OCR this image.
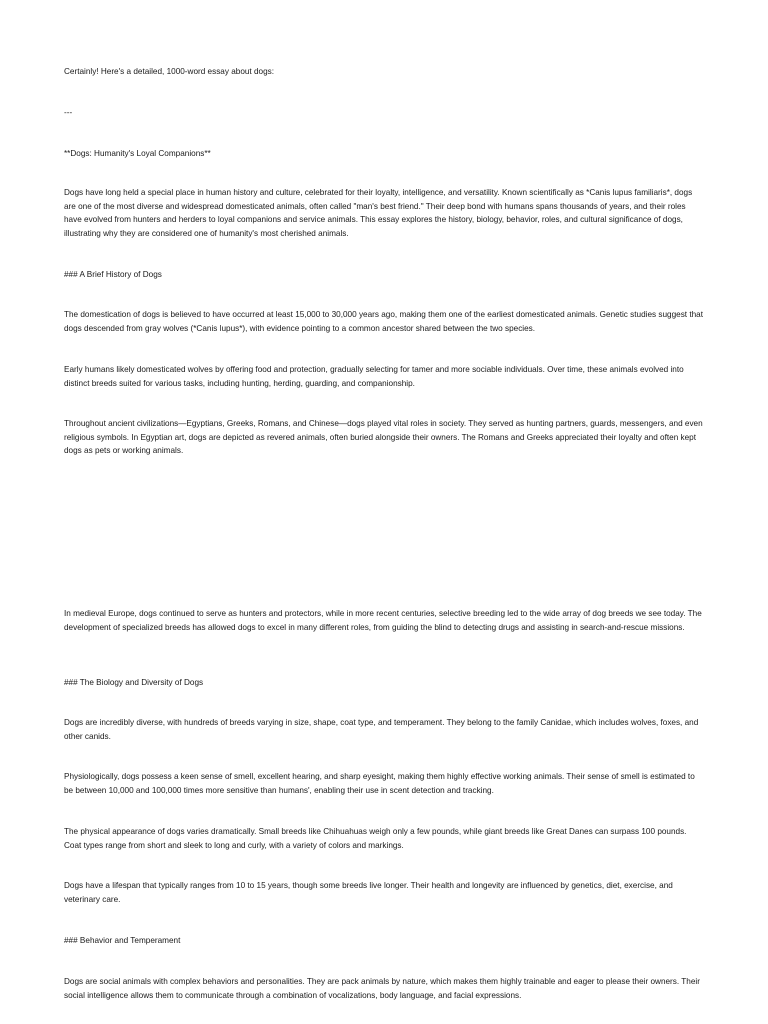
Certainly! Here's a detailed, 1000-word essay about dogs:

---

**Dogs: Humanity's Loyal Companions**

Dogs have long held a special place in human history and culture, celebrated for their loyalty, intelligence, and versatility. Known scientifically as *Canis lupus familiaris*, dogs are one of the most diverse and widespread domesticated animals, often called "man's best friend." Their deep bond with humans spans thousands of years, and their roles have evolved from hunters and herders to loyal companions and service animals. This essay explores the history, biology, behavior, roles, and cultural significance of dogs, illustrating why they are considered one of humanity's most cherished animals.

### A Brief History of Dogs

The domestication of dogs is believed to have occurred at least 15,000 to 30,000 years ago, making them one of the earliest domesticated animals. Genetic studies suggest that dogs descended from gray wolves (*Canis lupus*), with evidence pointing to a common ancestor shared between the two species.

Early humans likely domesticated wolves by offering food and protection, gradually selecting for tamer and more sociable individuals. Over time, these animals evolved into distinct breeds suited for various tasks, including hunting, herding, guarding, and companionship.

Throughout ancient civilizations—Egyptians, Greeks, Romans, and Chinese—dogs played vital roles in society. They served as hunting partners, guards, messengers, and even religious symbols. In Egyptian art, dogs are depicted as revered animals, often buried alongside their owners. The Romans and Greeks appreciated their loyalty and often kept dogs as pets or working animals.

In medieval Europe, dogs continued to serve as hunters and protectors, while in more recent centuries, selective breeding led to the wide array of dog breeds we see today. The development of specialized breeds has allowed dogs to excel in many different roles, from guiding the blind to detecting drugs and assisting in search-and-rescue missions.

### The Biology and Diversity of Dogs

Dogs are incredibly diverse, with hundreds of breeds varying in size, shape, coat type, and temperament. They belong to the family Canidae, which includes wolves, foxes, and other canids.

Physiologically, dogs possess a keen sense of smell, excellent hearing, and sharp eyesight, making them highly effective working animals. Their sense of smell is estimated to be between 10,000 and 100,000 times more sensitive than humans', enabling their use in scent detection and tracking.

The physical appearance of dogs varies dramatically. Small breeds like Chihuahuas weigh only a few pounds, while giant breeds like Great Danes can surpass 100 pounds. Coat types range from short and sleek to long and curly, with a variety of colors and markings.

Dogs have a lifespan that typically ranges from 10 to 15 years, though some breeds live longer. Their health and longevity are influenced by genetics, diet, exercise, and veterinary care.

### Behavior and Temperament

Dogs are social animals with complex behaviors and personalities. They are pack animals by nature, which makes them highly trainable and eager to please their owners. Their social intelligence allows them to communicate through a combination of vocalizations, body language, and facial expressions.
